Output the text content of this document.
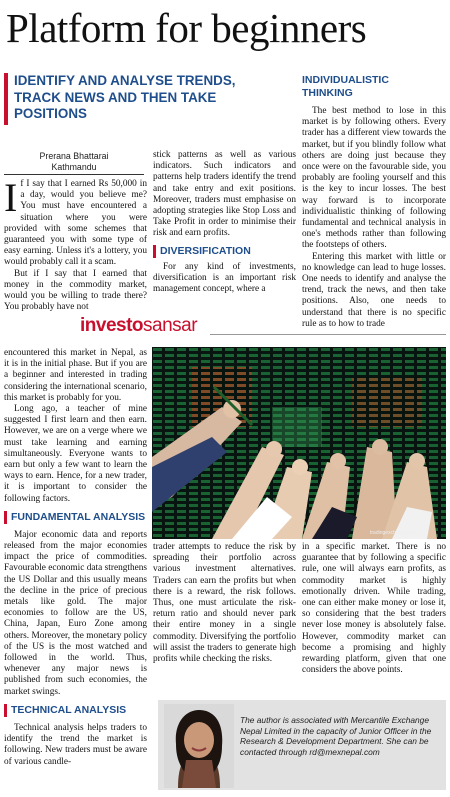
Platform for beginners
IDENTIFY AND ANALYSE TRENDS, TRACK NEWS AND THEN TAKE POSITIONS
Prerana Bhattarai
Kathmandu
I f I say that I earned Rs 50,000 in a day, would you believe me? You must have encountered a situation where you were provided with some schemes that guaranteed you with some type of easy earning. Unless it's a lottery, you would probably call it a scam.

But if I say that I earned that money in the commodity market, would you be willing to trade there? You probably have not

stick patterns as well as various indicators. Such indicators and patterns help traders identify the trend and take entry and exit positions. Moreover, traders must emphasise on adopting strategies like Stop Loss and Take Profit in order to minimise their risk and earn profits.

DIVERSIFICATION

For any kind of investments, diversification is an important risk management concept, where a

INDIVIDUALISTIC THINKING

The best method to lose in this market is by following others. Every trader has a different view towards the market, but if you blindly follow what others are doing just because they once were on the favourable side, you probably are fooling yourself and this is the key to incur losses. The best way forward is to incorporate individualistic thinking of following fundamental and technical analysis in one's methods rather than following the footsteps of others.

Entering this market with little or no knowledge can lead to huge losses. One needs to identify and analyse the trend, track the news, and then take positions. Also, one needs to understand that there is no specific rule as to how to trade

investosansar
tradingexchange.com

encountered this market in Nepal, as it is in the initial phase. But if you are a beginner and interested in trading considering the international scenario, this market is probably for you.

Long ago, a teacher of mine suggested I first learn and then earn. However, we are on a verge where we must take learning and earning simultaneously. Everyone wants to earn but only a few want to learn the ways to earn. Hence, for a new trader, it is important to consider the following factors.

FUNDAMENTAL ANALYSIS

Major economic data and reports released from the major economies impact the price of commodities. Favourable economic data strengthens the US Dollar and this usually means the decline in the price of precious metals like gold. The major economies to follow are the US, China, Japan, Euro Zone among others. Moreover, the monetary policy of the US is the most watched and followed in the world. Thus, whenever any major news is published from such economies, the market swings.

TECHNICAL ANALYSIS

Technical analysis helps traders to identify the trend the market is following. New traders must be aware of various candle-

trader attempts to reduce the risk by spreading their portfolio across various investment alternatives. Traders can earn the profits but when there is a reward, the risk follows. Thus, one must articulate the risk-return ratio and should never park their entire money in a single commodity. Diversifying the portfolio will assist the traders to generate high profits while checking the risks.

in a specific market. There is no guarantee that by following a specific rule, one will always earn profits, as commodity market is highly emotionally driven. While trading, one can either make money or lose it, so considering that the best traders never lose money is absolutely false. However, commodity market can become a promising and highly rewarding platform, given that one considers the above points.

The author is associated with Mercantile Exchange Nepal Limited in the capacity of Junior Officer in the Research & Development Department. She can be contacted through rd@mexnepal.com
